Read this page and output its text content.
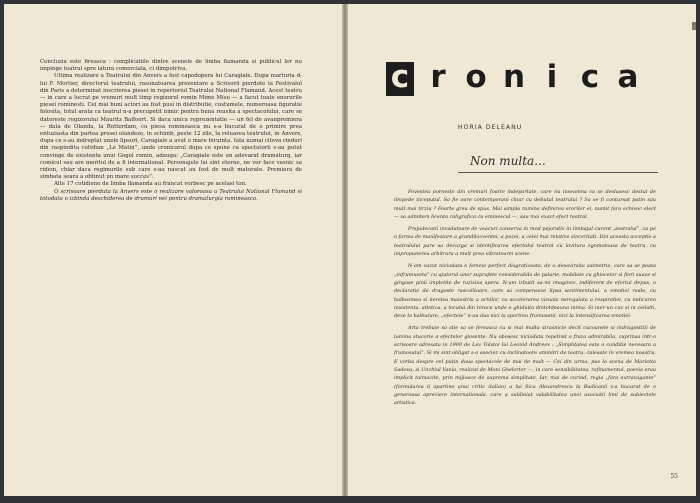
Concluzia este fireasca : complicatiile dintre scenele de limba flamanda si publicul ler nu impinge teatrul spre latura comerciala, ci dimpotriva.

Ultima realizare a Teatrului din Anvers a fost capodopera lui Caragiale. Dupa marturia d-lui F. Mortier, directorul teatrului, rasunatoarea prezentare a Scrisorii pierdute la Festivalul din Paris a determinat inscrierea piesei in repertoriul Teatrului National Flamand. Acest teatru — in care a lucrat pe vremuri mult timp regizorul romin Mime Misu — a facut toate onorurile piesei rominesti. Cei mai buni actori au fost pusi in distributie, costumele, numeroasa figuratie folosita, totul arata ca teatrul n-a precupetit nimic pentru buna reusita a spectacolului, care se datoreste regizorului Mauritz Balfoort. Si daca unica reprezentatie — un fel de avanpremiera — data de Olanda, la Rotterdam, cu piesa romineasca nu s-a bucurat de o primire prea entuziasta din partea presei olandeze, in schimb, peste 12 zile, la reluarea teatrului, in Anvers, dupa ce s-au indreptat unele lipsuri, Caragiale a avut o mare biruinta. Iata numai citeva rinduri din raspindita cotidian „Le Matin”, unde cronicarul dupa ce spune ca spectatorii s-au putut convinge de existenta unui Gogol romin, adauga: „Caragiale este un adevarat dramaturg, iar comicul sau are meritul de a fi international. Personajele lui sint eterne, ne vor face vesnic sa ridem, chiar daca regimurile sub care s-au nascut au fost de mult maturate. Premiera de simbata seara a obtinut un mare succes”.

Alte 17 cotidiene de limba flamanda au francat vorbesc pe acelasi ton.

O scrisoare pierduta la Anvers este o realizare valoroasa a Teatrului National Flamand si totodata o izbinda deschiderea de drumuri nei pentru dramaturgia romineasca.

c r o n i c a
HORIA DELEANU
Non multa...

Povestea porneste din vremuri foarte indepartate, care nu inseamna ca se deslusesc destul de limpede inceputul. Sa fie oare contemporani chiar cu debutul teatrului ? Sa se fi contursat patin sau mult mai tirziu ? Foarte greu de spus. Mai simpla ramine definirea erorilor ei, numit fara echivoc elect — sa admitem licenta caligrafica cu eminescul —, sau mai exact efect teatral.

Prejudecatii invadatoare de veacuri conserva in mod pejorativ in limbajul curent „teatralul”, ca pe o forma de manifestare a grandilocventei, a pozei, a celei mai relative sinceritati. Din aceasta acceptie a teatralului pare sa decurga si identificarea efectului teatral cu lovitura zgomotoasa de teatru, cu impropunerea arbitrara a mult prea vibratoarei scene.

N-am vazut niciodata o femeie perfect disgratiosata, de o desavirsita asimetrie, care sa se poata „infrumuseta” cu ajutorul unor suprafete considerabile de palarie, mobilate cu ghiocelor si flori suave si gingase pinii impletite de ruzisina spera. N-am izbutit sa-mi imaginez, indiferent de efortul depus, o declaratie de dragoste rascolitoare, care sa compenseze lipsa sentimentului, a emotiei reale, cu balbuzmea si lierelea maiestria a ochilor, cu accelerarea vizuala neregulata a respiratiei, cu indicarea insistenta, atletica, a locului din torace unde e ghiduita dintotdeauna inima. Si iner-un cuc si in ceilalti, deve la balbuture, „efectele” n-au dus nici la sporirea frumusetii, nici la intensificarea emotiei.

Arta trebuie sa stie sa se fereasca cu si mai multa strasnicie decit cucoanele si indragostitii de lumina stucorie a efectelor glosente. Nu obosesc niciodata repetind o fraza admirabila, cuprinsa intr-o scrisoare adresata in 1900 de Lev Tolstoi lui Leonid Andreev : „Simplitatea este o conditie necesara a frumosului”. Si mi sint obligat s-o asociez cu inclinatoare aminitri de teatru, culesate in vremea noastra. E vorba despre cel putin doua spectacole de mai de mult — Cei din urma, pus la scena de Marietta Sadova, si Unchiul Vania, realizat de Moni Ghelerter —, in care sensibilitatea, rafinamentul, poezia erau implicit talmacite, prin mijloace de suprema simplitate. Iar, mai de curind, regia „fara extravagante” (formularea ii apartine unui critic italian) a lui Sica Alexandrescu la Badicanii s-a bucurat de o generoasa apreciere internationala, care a subliniat valabilitatea unei asociatii limi de subiectele artistica.

55
